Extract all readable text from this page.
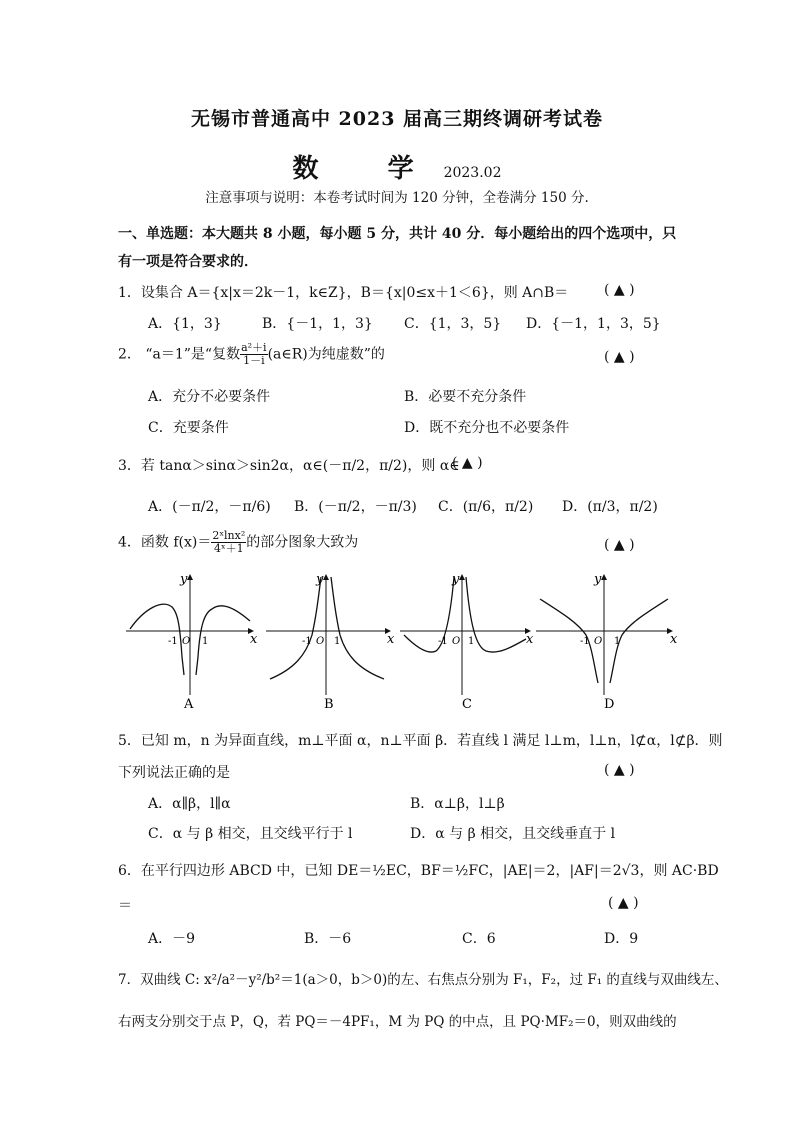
无锡市普通高中 2023 届高三期终调研考试卷
数 学2023.02
注意事项与说明：本卷考试时间为 120 分钟，全卷满分 150 分.
一、单选题：本大题共 8 小题，每小题 5 分，共计 40 分．每小题给出的四个选项中，只有一项是符合要求的．
1．设集合 A＝{x|x＝2k－1，k∈Z}，B＝{x|0≤x＋1＜6}，则 A∩B＝	( ▲ )
A．{1，3}	B．{－1，1，3} C．{1，3，5} D．{－1，1，3，5}
2． “a＝1”是“复数 $\frac{\text{a²＋i}}{1-i}$ (a∈R)为纯虚数”的	( ▲ )
A．充分不必要条件	B．必要不充分条件
C．充要条件	D．既不充分也不必要条件
3．若 tanα＞sinα＞sin2α，α∈(－π/2，π/2)，则 α∈
( ▲ )
A．(－π/2，－π/6) B．(－π/2，－π/3) C．(π/6，π/2) D．(π/3，π/2)
4．函数 $f(x)= \frac{\text{2ˣlnx²}}{\text{4ˣ＋1}}$ 的部分图象大致为	( ▲ )
x
y
-1 O 1
A
x
y
-1 O 1
B
x
y
-1 O 1
C
x
y
-1 O 1
D
5．已知 m，n 为异面直线，m⊥平面 α，n⊥平面 β．若直线 l 满足 l⊥m，l⊥n，l⊄α，l⊄β．则
下列说法正确的是	( ▲ )
A．α∥β，l∥α	B．α⊥β，l⊥β
C．α 与 β 相交，且交线平行于 l	D．α 与 β 相交，且交线垂直于 l
6．在平行四边形 ABCD 中，已知 DE＝½EC，BF＝½FC，|AE|＝2，|AF|＝2√3，则 AC·BD
＝	( ▲ )
A．－9	B．－6	C．6	D．9
7．双曲线 C: x²/a²－y²/b²＝1(a＞0，b＞0)的左、右焦点分别为 F₁，F₂，过 F₁ 的直线与双曲线左、
右两支分别交于点 P，Q，若 PQ＝－4PF₁，M 为 PQ 的中点，且 PQ·MF₂＝0，则双曲线的
